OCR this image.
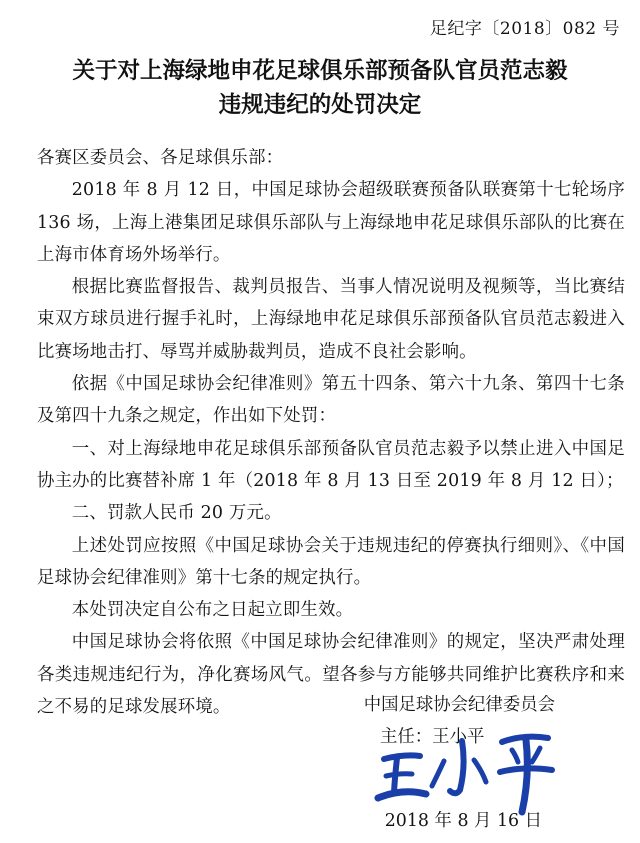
足纪字〔2018〕082 号
关于对上海绿地申花足球俱乐部预备队官员范志毅
违规违纪的处罚决定

各赛区委员会、各足球俱乐部：

2018 年 8 月 12 日，中国足球协会超级联赛预备队联赛第十七轮场序 136 场，上海上港集团足球俱乐部队与上海绿地申花足球俱乐部队的比赛在上海市体育场外场举行。

根据比赛监督报告、裁判员报告、当事人情况说明及视频等，当比赛结束双方球员进行握手礼时，上海绿地申花足球俱乐部预备队官员范志毅进入比赛场地击打、辱骂并威胁裁判员，造成不良社会影响。

依据《中国足球协会纪律准则》第五十四条、第六十九条、第四十七条及第四十九条之规定，作出如下处罚：

一、对上海绿地申花足球俱乐部预备队官员范志毅予以禁止进入中国足协主办的比赛替补席 1 年（2018 年 8 月 13 日至 2019 年 8 月 12 日）；

二、罚款人民币 20 万元。

上述处罚应按照《中国足球协会关于违规违纪的停赛执行细则》、《中国足球协会纪律准则》第十七条的规定执行。

本处罚决定自公布之日起立即生效。

中国足球协会将依照《中国足球协会纪律准则》的规定，坚决严肃处理各类违规违纪行为，净化赛场风气。望各参与方能够共同维护比赛秩序和来之不易的足球发展环境。	中国足球协会纪律委员会
主任：王小平
2018 年 8 月 16 日
